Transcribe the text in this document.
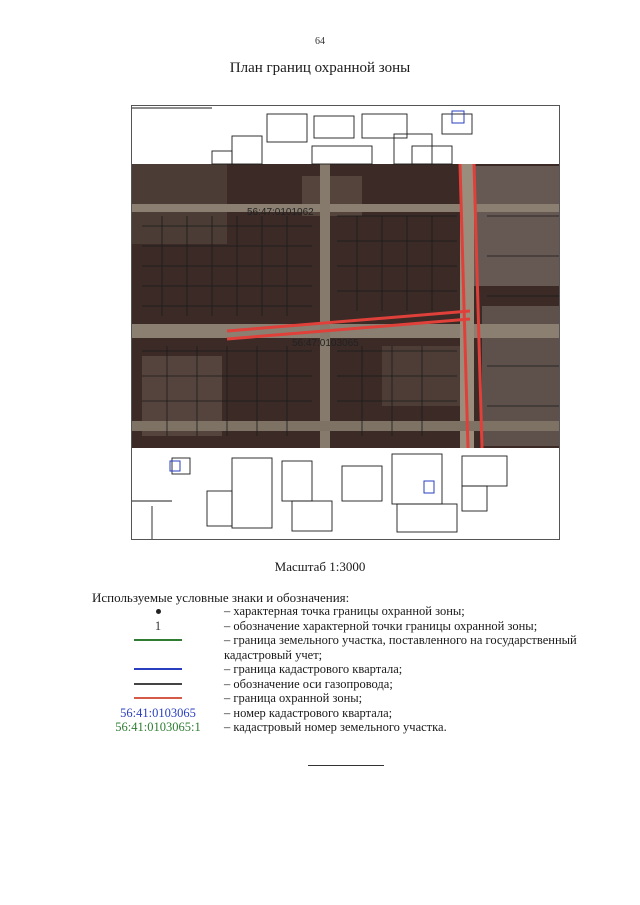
64
План границ охранной зоны
56:47:0101062
56:47:0103065
Масштаб 1:3000
Используемые условные знаки и обозначения:
– характерная точка границы охранной зоны;
1	– обозначение характерной точки границы охранной зоны;
– граница земельного участка, поставленного на государственный
кадастровый учет;
– граница кадастрового квартала;
– обозначение оси газопровода;
– граница охранной зоны;
56:41:0103065 – номер кадастрового квартала;
56:41:0103065:1 – кадастровый номер земельного участка.
